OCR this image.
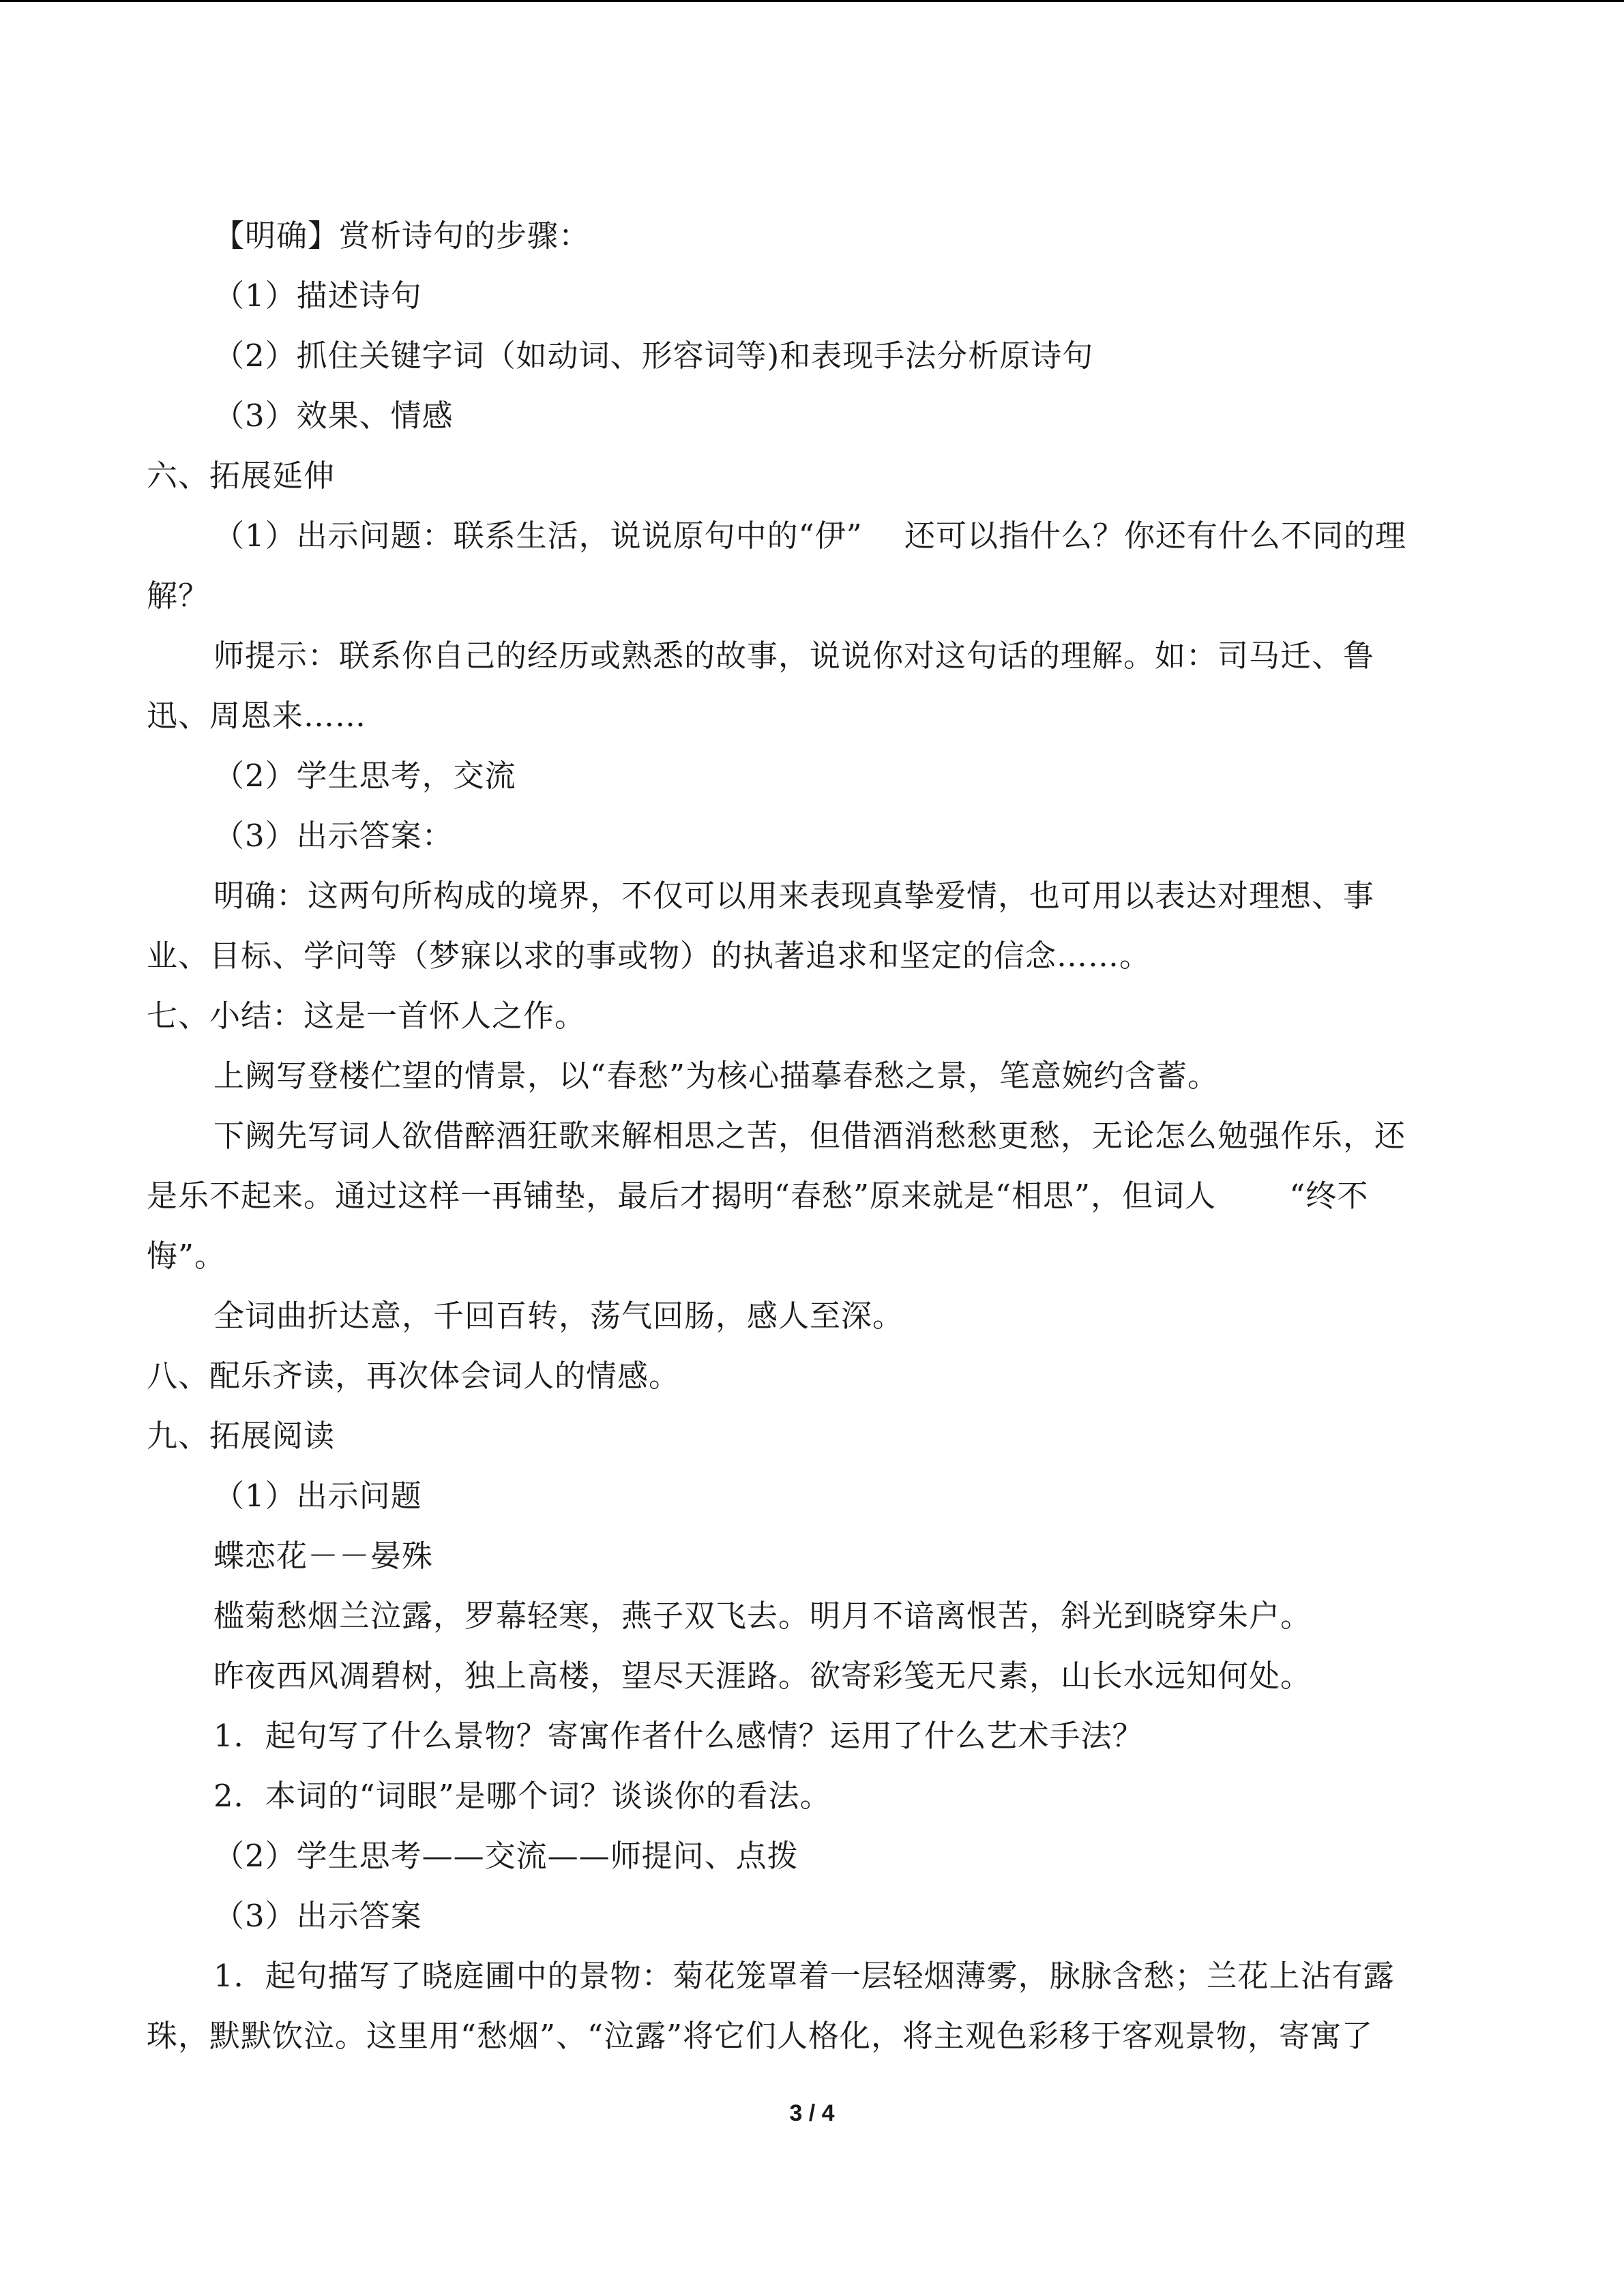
【明确】赏析诗句的步骤：
（1）描述诗句
（2）抓住关键字词（如动词、形容词等)和表现手法分析原诗句
（3）效果、情感
六、拓展延伸
（1）出示问题：联系生活，说说原句中的“伊”　 还可以指什么？你还有什么不同的理
解？
师提示：联系你自己的经历或熟悉的故事，说说你对这句话的理解。如：司马迁、鲁
迅、周恩来……
（2）学生思考，交流
（3）出示答案：
明确：这两句所构成的境界，不仅可以用来表现真挚爱情，也可用以表达对理想、事
业、目标、学问等（梦寐以求的事或物）的执著追求和坚定的信念……。
七、小结：这是一首怀人之作。
上阙写登楼伫望的情景，以“春愁”为核心描摹春愁之景，笔意婉约含蓄。
下阙先写词人欲借醉酒狂歌来解相思之苦，但借酒消愁愁更愁，无论怎么勉强作乐，还
是乐不起来。通过这样一再铺垫，最后才揭明“春愁”原来就是“相思”，但词人　　 “终不
悔”。
全词曲折达意，千回百转，荡气回肠，感人至深。
八、配乐齐读，再次体会词人的情感。
九、拓展阅读
（1）出示问题
蝶恋花－－晏殊
槛菊愁烟兰泣露，罗幕轻寒，燕子双飞去。明月不谙离恨苦，斜光到晓穿朱户。
昨夜西风凋碧树，独上高楼，望尽天涯路。欲寄彩笺无尺素，山长水远知何处。
1．起句写了什么景物？寄寓作者什么感情？运用了什么艺术手法？
2．本词的“词眼”是哪个词？谈谈你的看法。
（2）学生思考——交流——师提问、点拨
（3）出示答案
1．起句描写了晓庭圃中的景物：菊花笼罩着一层轻烟薄雾，脉脉含愁；兰花上沾有露
珠，默默饮泣。这里用“愁烟”、“泣露”将它们人格化，将主观色彩移于客观景物，寄寓了
3 / 4
